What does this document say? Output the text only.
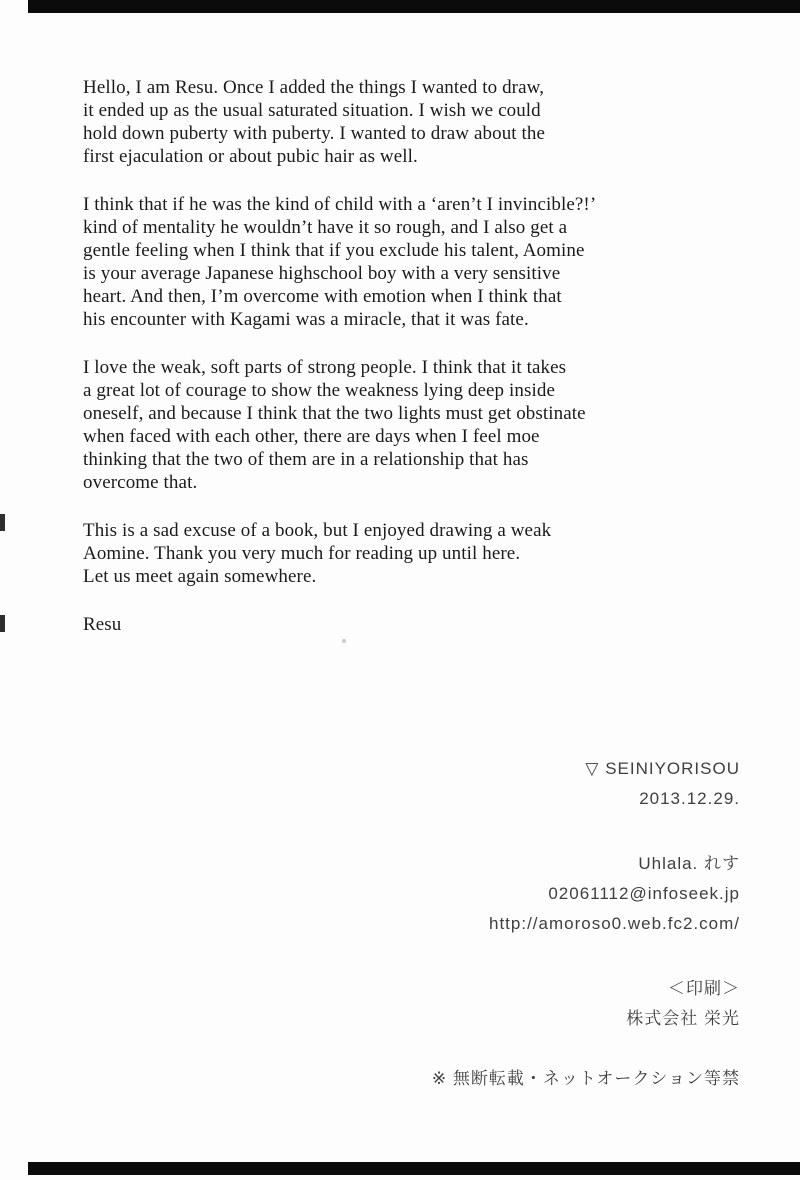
Hello, I am Resu. Once I added the things I wanted to draw,
it ended up as the usual saturated situation. I wish we could
hold down puberty with puberty. I wanted to draw about the
first ejaculation or about pubic hair as well.
I think that if he was the kind of child with a ‘aren’t I invincible?!’
kind of mentality he wouldn’t have it so rough, and I also get a
gentle feeling when I think that if you exclude his talent, Aomine
is your average Japanese highschool boy with a very sensitive
heart. And then, I’m overcome with emotion when I think that
his encounter with Kagami was a miracle, that it was fate.
I love the weak, soft parts of strong people. I think that it takes
a great lot of courage to show the weakness lying deep inside
oneself, and because I think that the two lights must get obstinate
when faced with each other, there are days when I feel moe
thinking that the two of them are in a relationship that has
overcome that.
This is a sad excuse of a book, but I enjoyed drawing a weak
Aomine. Thank you very much for reading up until here.
Let us meet again somewhere.
Resu
▽ SEINIYORISOU
2013.12.29.
Uhlala. れす
02061112@infoseek.jp
http://amoroso0.web.fc2.com/
＜印刷＞
株式会社 栄光
※ 無断転載・ネットオークション等禁
